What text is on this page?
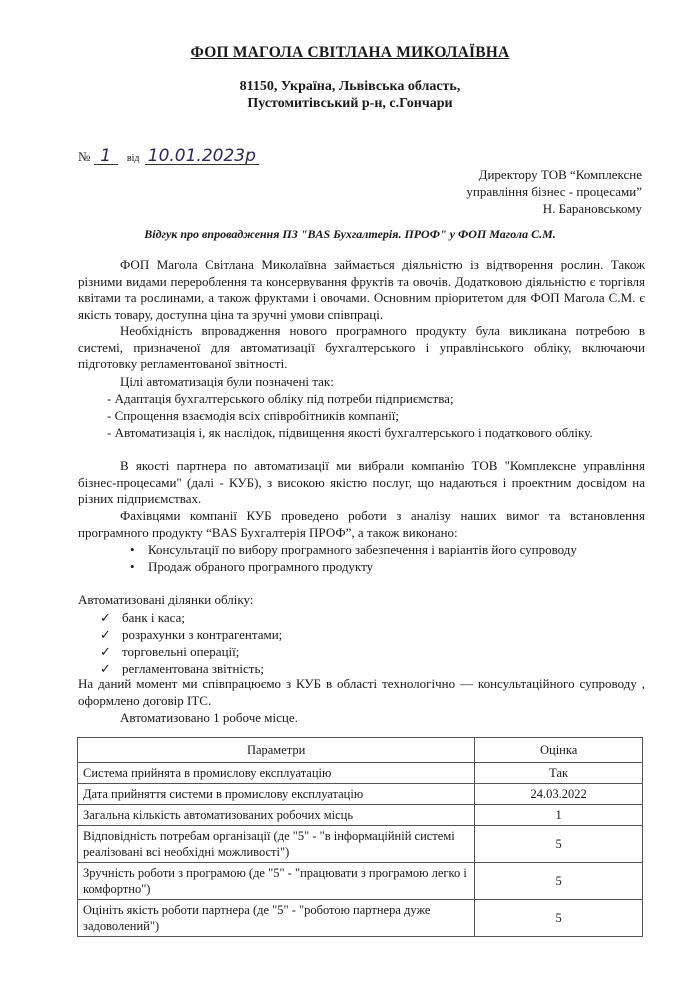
ФОП МАГОЛА СВІТЛАНА МИКОЛАЇВНА
81150, Україна, Львівська область,
Пустомитівський р-н, с.Гончари
№ 1 від 10.01.2023р
Директору ТОВ “Комплексне
управління бізнес - процесами”
Н. Барановському
Відгук про впровадження ПЗ "BAS Бухгалтерія. ПРОФ" у ФОП Магола С.М.

ФОП Магола Світлана Миколаївна займається діяльністю із відтворення рослин. Також різними видами перероблення та консервування фруктів та овочів. Додатковою діяльністю є торгівля квітами та рослинами, а також фруктами і овочами. Основним пріоритетом для ФОП Магола С.М. є якість товару, доступна ціна та зручні умови співпраці.

Необхідність впровадження нового програмного продукту була викликана потребою в системі, призначеної для автоматизації бухгалтерського і управлінського обліку, включаючи підготовку регламентованої звітності.

Цілі автоматизація були позначені так:
- Адаптація бухгалтерського обліку під потреби підприємства;
- Спрощення взаємодія всіх співробітників компанії;
- Автоматизація і, як наслідок, підвищення якості бухгалтерського і податкового обліку.

В якості партнера по автоматизації ми вибрали компанію ТОВ "Комплексне управління бізнес-процесами" (далі - КУБ), з високою якістю послуг, що надаються і проектним досвідом на різних підприємствах.

Фахівцями компанії КУБ проведено роботи з аналізу наших вимог та встановлення програмного продукту “BAS Бухгалтерія ПРОФ”, а також виконано:

• Консультації по вибору програмного забезпечення і варіантів його супроводу
• Продаж обраного програмного продукту
Автоматизовані ділянки обліку:
✓ банк і каса;
✓ розрахунки з контрагентами;
✓ торговельні операції;
✓ регламентована звітність;

На даний момент ми співпрацюємо з КУБ в області технологічно — консультаційного супроводу , оформлено договір ІТС.

Автоматизовано 1 робоче місце.
Параметри	Оцінка
Система прийнята в промислову експлуатацію	Так
Дата прийняття системи в промислову експлуатацію	24.03.2022
Загальна кількість автоматизованих робочих місць	1
Відповідність потребам організації (де "5" - "в інформаційній системі реалізовані всі необхідні можливості")	5
Зручність роботи з програмою (де "5" - "працювати з програмою легко і комфортно")	5
Оцініть якість роботи партнера (де "5" - "роботою партнера дуже задоволений")	5
